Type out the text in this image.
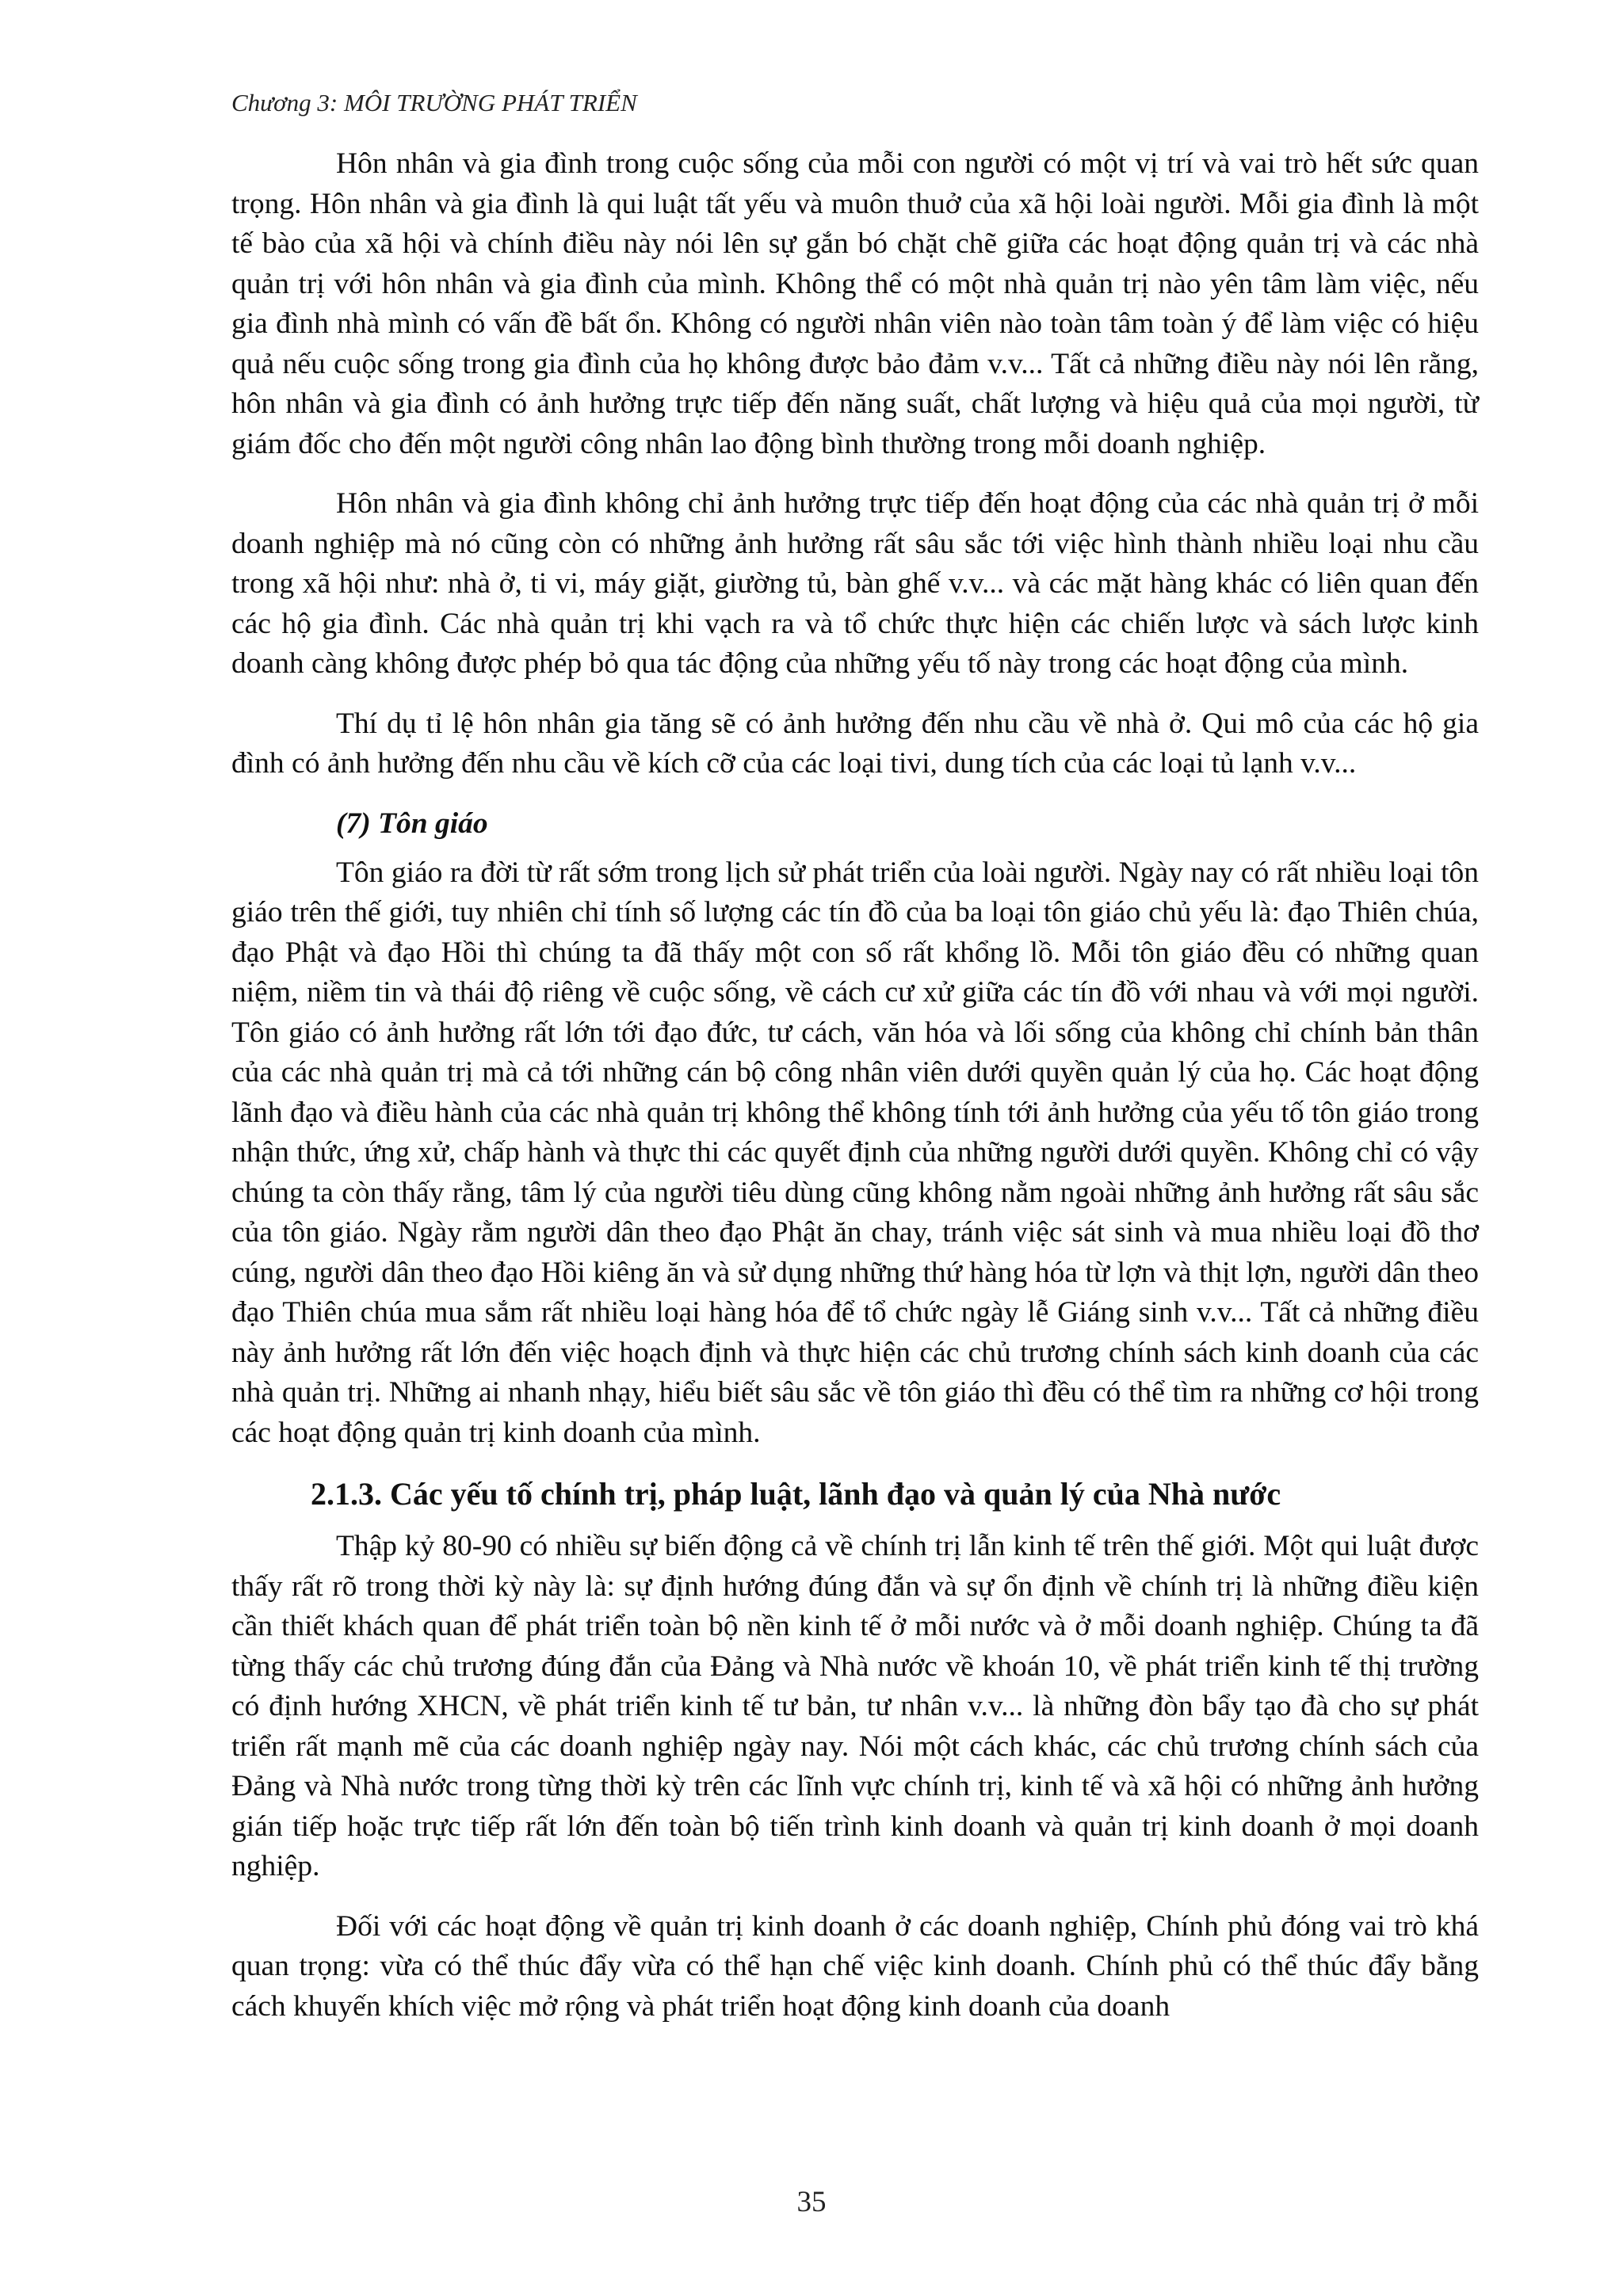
Chương 3: MÔI TRƯỜNG PHÁT TRIỂN

Hôn nhân và gia đình trong cuộc sống của mỗi con người có một vị trí và vai trò hết sức quan trọng. Hôn nhân và gia đình là qui luật tất yếu và muôn thuở của xã hội loài người. Mỗi gia đình là một tế bào của xã hội và chính điều này nói lên sự gắn bó chặt chẽ giữa các hoạt động quản trị và các nhà quản trị với hôn nhân và gia đình của mình. Không thể có một nhà quản trị nào yên tâm làm việc, nếu gia đình nhà mình có vấn đề bất ổn. Không có người nhân viên nào toàn tâm toàn ý để làm việc có hiệu quả nếu cuộc sống trong gia đình của họ không được bảo đảm v.v... Tất cả những điều này nói lên rằng, hôn nhân và gia đình có ảnh hưởng trực tiếp đến năng suất, chất lượng và hiệu quả của mọi người, từ giám đốc cho đến một người công nhân lao động bình thường trong mỗi doanh nghiệp.

Hôn nhân và gia đình không chỉ ảnh hưởng trực tiếp đến hoạt động của các nhà quản trị ở mỗi doanh nghiệp mà nó cũng còn có những ảnh hưởng rất sâu sắc tới việc hình thành nhiều loại nhu cầu trong xã hội như: nhà ở, ti vi, máy giặt, giường tủ, bàn ghế v.v... và các mặt hàng khác có liên quan đến các hộ gia đình. Các nhà quản trị khi vạch ra và tổ chức thực hiện các chiến lược và sách lược kinh doanh càng không được phép bỏ qua tác động của những yếu tố này trong các hoạt động của mình.

Thí dụ tỉ lệ hôn nhân gia tăng sẽ có ảnh hưởng đến nhu cầu về nhà ở. Qui mô của các hộ gia đình có ảnh hưởng đến nhu cầu về kích cỡ của các loại tivi, dung tích của các loại tủ lạnh v.v...

(7) Tôn giáo

Tôn giáo ra đời từ rất sớm trong lịch sử phát triển của loài người. Ngày nay có rất nhiều loại tôn giáo trên thế giới, tuy nhiên chỉ tính số lượng các tín đồ của ba loại tôn giáo chủ yếu là: đạo Thiên chúa, đạo Phật và đạo Hồi thì chúng ta đã thấy một con số rất khổng lồ. Mỗi tôn giáo đều có những quan niệm, niềm tin và thái độ riêng về cuộc sống, về cách cư xử giữa các tín đồ với nhau và với mọi người. Tôn giáo có ảnh hưởng rất lớn tới đạo đức, tư cách, văn hóa và lối sống của không chỉ chính bản thân của các nhà quản trị mà cả tới những cán bộ công nhân viên dưới quyền quản lý của họ. Các hoạt động lãnh đạo và điều hành của các nhà quản trị không thể không tính tới ảnh hưởng của yếu tố tôn giáo trong nhận thức, ứng xử, chấp hành và thực thi các quyết định của những người dưới quyền. Không chỉ có vậy chúng ta còn thấy rằng, tâm lý của người tiêu dùng cũng không nằm ngoài những ảnh hưởng rất sâu sắc của tôn giáo. Ngày rằm người dân theo đạo Phật ăn chay, tránh việc sát sinh và mua nhiều loại đồ thơ cúng, người dân theo đạo Hồi kiêng ăn và sử dụng những thứ hàng hóa từ lợn và thịt lợn, người dân theo đạo Thiên chúa mua sắm rất nhiều loại hàng hóa để tổ chức ngày lễ Giáng sinh v.v... Tất cả những điều này ảnh hưởng rất lớn đến việc hoạch định và thực hiện các chủ trương chính sách kinh doanh của các nhà quản trị. Những ai nhanh nhạy, hiểu biết sâu sắc về tôn giáo thì đều có thể tìm ra những cơ hội trong các hoạt động quản trị kinh doanh của mình.

2.1.3. Các yếu tố chính trị, pháp luật, lãnh đạo và quản lý của Nhà nước

Thập kỷ 80-90 có nhiều sự biến động cả về chính trị lẫn kinh tế trên thế giới. Một qui luật được thấy rất rõ trong thời kỳ này là: sự định hướng đúng đắn và sự ổn định về chính trị là những điều kiện cần thiết khách quan để phát triển toàn bộ nền kinh tế ở mỗi nước và ở mỗi doanh nghiệp. Chúng ta đã từng thấy các chủ trương đúng đắn của Đảng và Nhà nước về khoán 10, về phát triển kinh tế thị trường có định hướng XHCN, về phát triển kinh tế tư bản, tư nhân v.v... là những đòn bẩy tạo đà cho sự phát triển rất mạnh mẽ của các doanh nghiệp ngày nay. Nói một cách khác, các chủ trương chính sách của Đảng và Nhà nước trong từng thời kỳ trên các lĩnh vực chính trị, kinh tế và xã hội có những ảnh hưởng gián tiếp hoặc trực tiếp rất lớn đến toàn bộ tiến trình kinh doanh và quản trị kinh doanh ở mọi doanh nghiệp.

Đối với các hoạt động về quản trị kinh doanh ở các doanh nghiệp, Chính phủ đóng vai trò khá quan trọng: vừa có thể thúc đẩy vừa có thể hạn chế việc kinh doanh. Chính phủ có thể thúc đẩy bằng cách khuyến khích việc mở rộng và phát triển hoạt động kinh doanh của doanh

35
